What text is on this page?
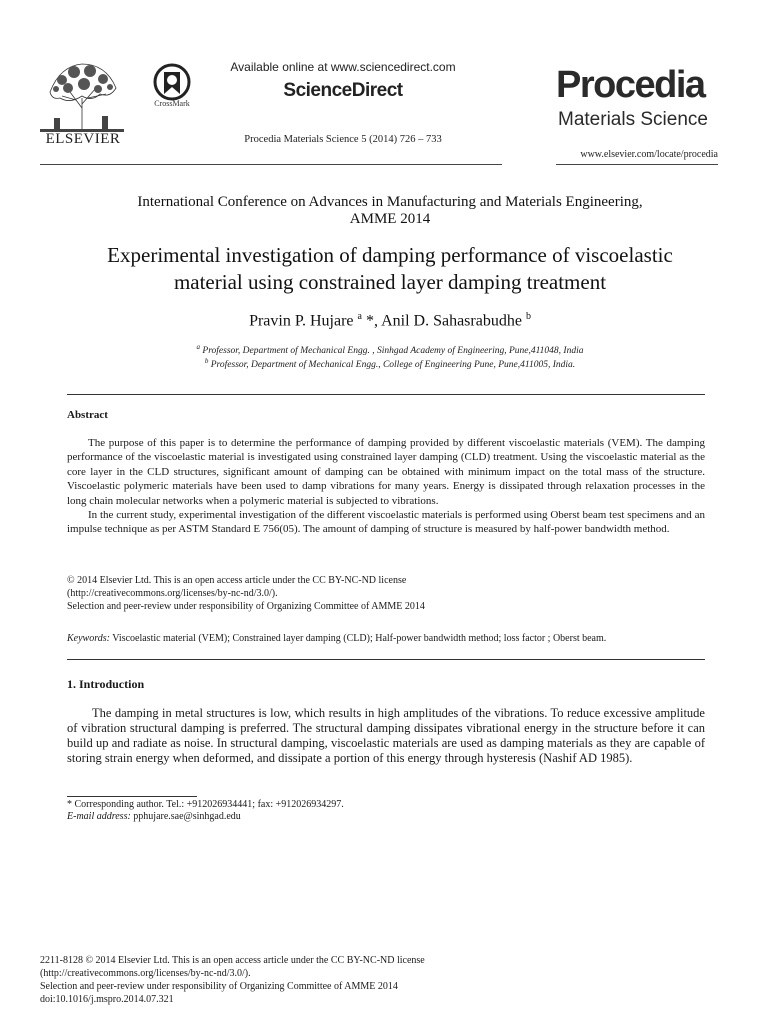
ELSEVIER
CrossMark
Available online at www.sciencedirect.com
ScienceDirect
Procedia Materials Science 5 (2014) 726 – 733
Procedia
Materials Science
www.elsevier.com/locate/procedia
International Conference on Advances in Manufacturing and Materials Engineering,
AMME 2014
Experimental investigation of damping performance of viscoelastic
material using constrained layer damping treatment
Pravin P. Hujare $^a$ *, Anil D. Sahasrabudhe $^b$
$^a$ Professor, Department of Mechanical Engg. , Sinhgad Academy of Engineering, Pune,411048, India
$^b$ Professor, Department of Mechanical Engg., College of Engineering Pune, Pune,411005, India.
Abstract

The purpose of this paper is to determine the performance of damping provided by different viscoelastic materials (VEM). The damping performance of the viscoelastic material is investigated using constrained layer damping (CLD) treatment. Using the viscoelastic material as the core layer in the CLD structures, significant amount of damping can be obtained with minimum impact on the total mass of the structure. Viscoelastic polymeric materials have been used to damp vibrations for many years. Energy is dissipated through relaxation processes in the long chain molecular networks when a polymeric material is subjected to vibrations.

In the current study, experimental investigation of the different viscoelastic materials is performed using Oberst beam test specimens and an impulse technique as per ASTM Standard E 756(05). The amount of damping of structure is measured by half-power bandwidth method.

© 2014 Elsevier Ltd. This is an open access article under the CC BY-NC-ND license
(http://creativecommons.org/licenses/by-nc-nd/3.0/).
Selection and peer-review under responsibility of Organizing Committee of AMME 2014
Keywords: Viscoelastic material (VEM); Constrained layer damping (CLD); Half-power bandwidth method; loss factor ; Oberst beam.
1. Introduction

The damping in metal structures is low, which results in high amplitudes of the vibrations. To reduce excessive amplitude of vibration structural damping is preferred. The structural damping dissipates vibrational energy in the structure before it can build up and radiate as noise. In structural damping, viscoelastic materials are used as damping materials as they are capable of storing strain energy when deformed, and dissipate a portion of this energy through hysteresis (Nashif AD 1985).

* Corresponding author. Tel.: +912026934441; fax: +912026934297.
E-mail address: pphujare.sae@sinhgad.edu
2211-8128 © 2014 Elsevier Ltd. This is an open access article under the CC BY-NC-ND license
(http://creativecommons.org/licenses/by-nc-nd/3.0/).
Selection and peer-review under responsibility of Organizing Committee of AMME 2014
doi:10.1016/j.mspro.2014.07.321
